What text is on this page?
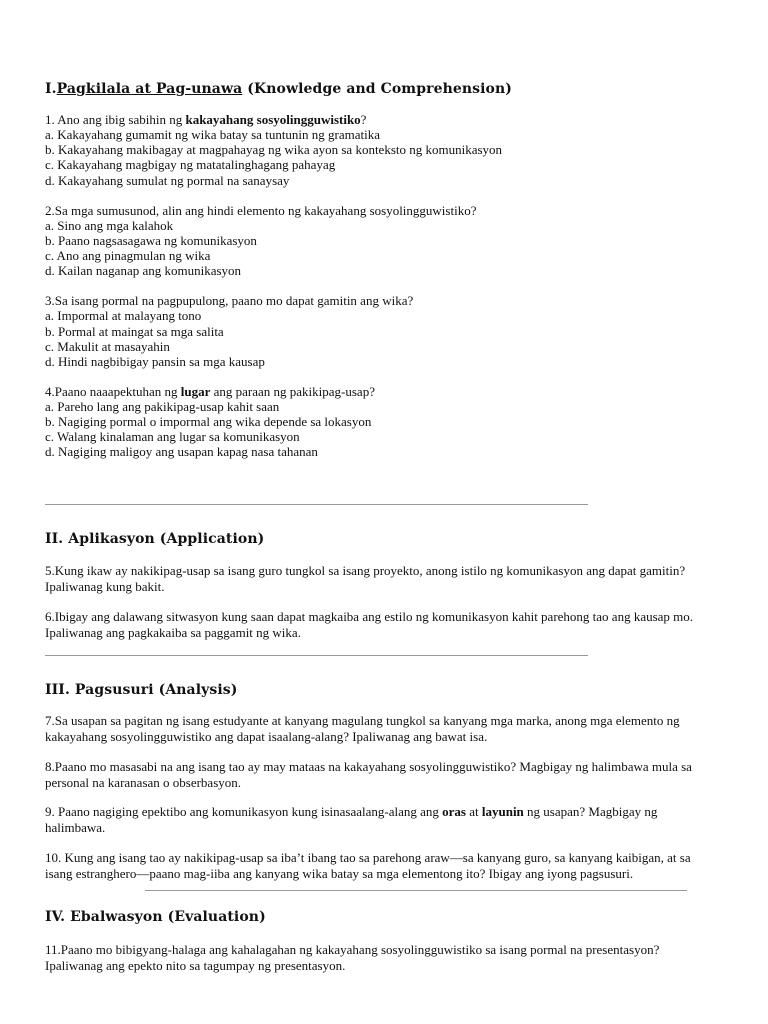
I.Pagkilala at Pag-unawa (Knowledge and Comprehension)
1. Ano ang ibig sabihin ng kakayahang sosyolingguwistiko?
a. Kakayahang gumamit ng wika batay sa tuntunin ng gramatika
b. Kakayahang makibagay at magpahayag ng wika ayon sa konteksto ng komunikasyon
c. Kakayahang magbigay ng matatalinghagang pahayag
d. Kakayahang sumulat ng pormal na sanaysay
2.Sa mga sumusunod, alin ang hindi elemento ng kakayahang sosyolingguwistiko?
a. Sino ang mga kalahok
b. Paano nagsasagawa ng komunikasyon
c. Ano ang pinagmulan ng wika
d. Kailan naganap ang komunikasyon
3.Sa isang pormal na pagpupulong, paano mo dapat gamitin ang wika?
a. Impormal at malayang tono
b. Pormal at maingat sa mga salita
c. Makulit at masayahin
d. Hindi nagbibigay pansin sa mga kausap
4.Paano naaapektuhan ng lugar ang paraan ng pakikipag-usap?
a. Pareho lang ang pakikipag-usap kahit saan
b. Nagiging pormal o impormal ang wika depende sa lokasyon
c. Walang kinalaman ang lugar sa komunikasyon
d. Nagiging maligoy ang usapan kapag nasa tahanan
II. Aplikasyon (Application)
5.Kung ikaw ay nakikipag-usap sa isang guro tungkol sa isang proyekto, anong istilo ng komunikasyon ang dapat gamitin? Ipaliwanag kung bakit.
6.Ibigay ang dalawang sitwasyon kung saan dapat magkaiba ang estilo ng komunikasyon kahit parehong tao ang kausap mo. Ipaliwanag ang pagkakaiba sa paggamit ng wika.
III. Pagsusuri (Analysis)
7.Sa usapan sa pagitan ng isang estudyante at kanyang magulang tungkol sa kanyang mga marka, anong mga elemento ng kakayahang sosyolingguwistiko ang dapat isaalang-alang? Ipaliwanag ang bawat isa.
8.Paano mo masasabi na ang isang tao ay may mataas na kakayahang sosyolingguwistiko? Magbigay ng halimbawa mula sa personal na karanasan o obserbasyon.
9. Paano nagiging epektibo ang komunikasyon kung isinasaalang-alang ang oras at layunin ng usapan? Magbigay ng halimbawa.
10. Kung ang isang tao ay nakikipag-usap sa iba’t ibang tao sa parehong araw—sa kanyang guro, sa kanyang kaibigan, at sa isang estranghero—paano mag-iiba ang kanyang wika batay sa mga elementong ito? Ibigay ang iyong pagsusuri.
IV. Ebalwasyon (Evaluation)
11.Paano mo bibigyang-halaga ang kahalagahan ng kakayahang sosyolingguwistiko sa isang pormal na presentasyon? Ipaliwanag ang epekto nito sa tagumpay ng presentasyon.
